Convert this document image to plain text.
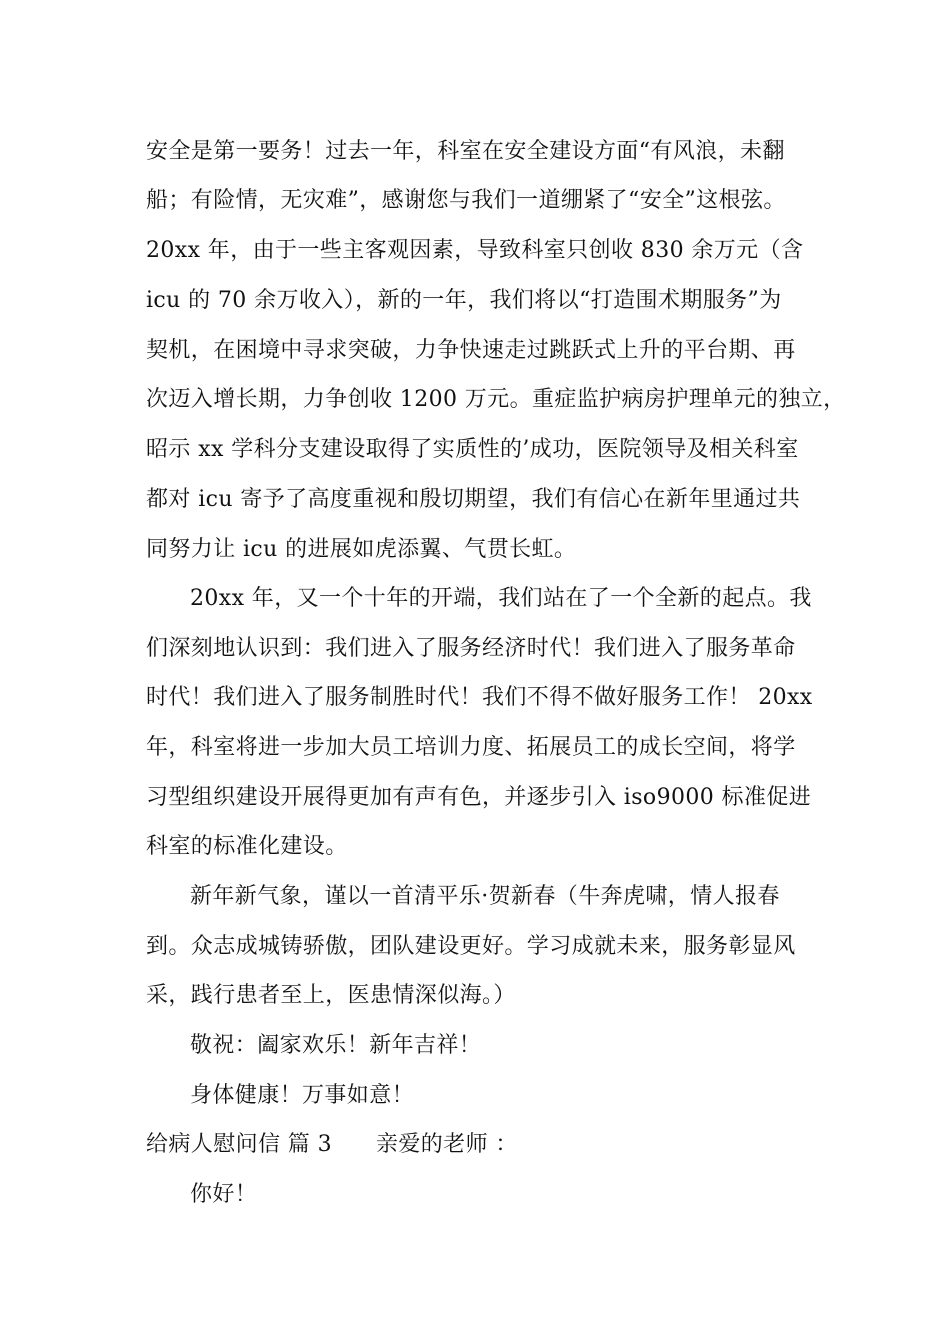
安全是第一要务！过去一年，科室在安全建设方面“有风浪，未翻
船；有险情，无灾难”，感谢您与我们一道绷紧了“安全”这根弦。
20xx 年，由于一些主客观因素，导致科室只创收 830 余万元（含
icu 的 70 余万收入），新的一年，我们将以“打造围术期服务”为
契机，在困境中寻求突破，力争快速走过跳跃式上升的平台期、再
次迈入增长期，力争创收 1200 万元。重症监护病房护理单元的独立，
昭示 xx 学科分支建设取得了实质性的’成功，医院领导及相关科室
都对 icu 寄予了高度重视和殷切期望，我们有信心在新年里通过共
同努力让 icu 的进展如虎添翼、气贯长虹。
20xx 年，又一个十年的开端，我们站在了一个全新的起点。我
们深刻地认识到：我们进入了服务经济时代！我们进入了服务革命
时代！我们进入了服务制胜时代！我们不得不做好服务工作！ 20xx
年，科室将进一步加大员工培训力度、拓展员工的成长空间，将学
习型组织建设开展得更加有声有色，并逐步引入 iso9000 标准促进
科室的标准化建设。
新年新气象，谨以一首清平乐·贺新春（牛奔虎啸，情人报春
到。众志成城铸骄傲，团队建设更好。学习成就未来，服务彰显风
采，践行患者至上，医患情深似海。）
敬祝：阖家欢乐！新年吉祥！
身体健康！万事如意！
给病人慰问信 篇 3 亲爱的老师 ：
你好！
